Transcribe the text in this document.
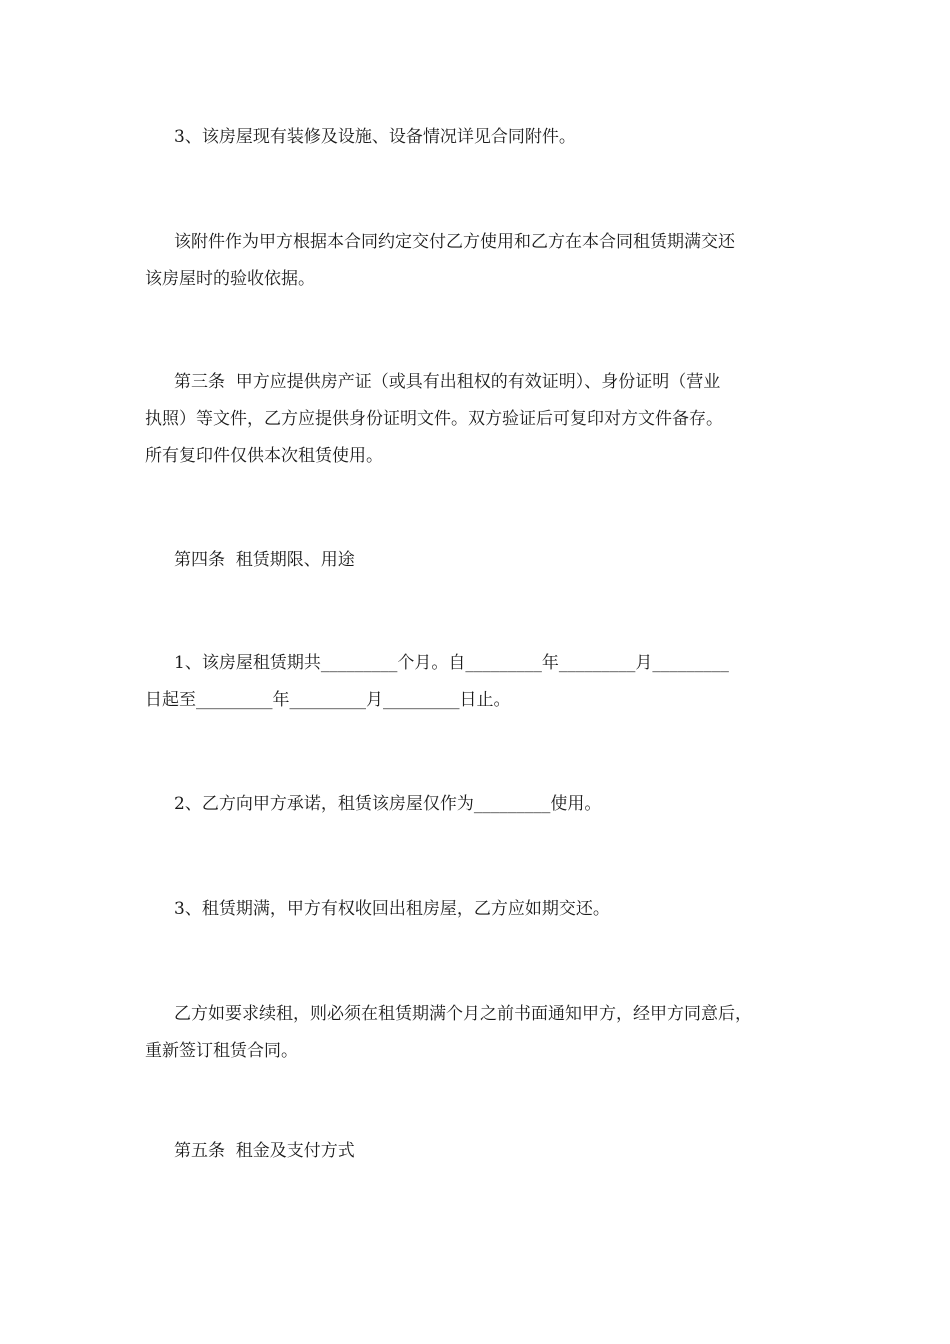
3、该房屋现有装修及设施、设备情况详见合同附件。
该附件作为甲方根据本合同约定交付乙方使用和乙方在本合同租赁期满交还
该房屋时的验收依据。
第三条  甲方应提供房产证（或具有出租权的有效证明）、身份证明（营业
执照）等文件，乙方应提供身份证明文件。双方验证后可复印对方文件备存。
所有复印件仅供本次租赁使用。
第四条  租赁期限、用途
1、该房屋租赁期共_________个月。自_________年_________月_________
日起至_________年_________月_________日止。
2、乙方向甲方承诺，租赁该房屋仅作为_________使用。
3、租赁期满，甲方有权收回出租房屋，乙方应如期交还。
乙方如要求续租，则必须在租赁期满个月之前书面通知甲方，经甲方同意后，
重新签订租赁合同。
第五条  租金及支付方式
